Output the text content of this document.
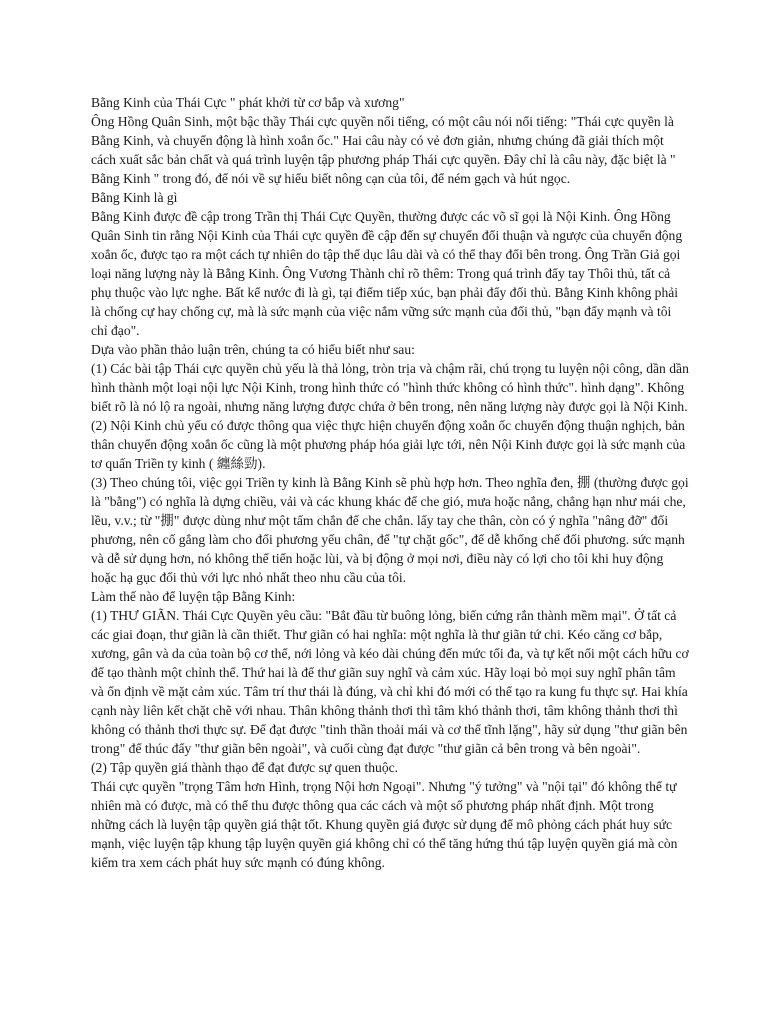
Bằng Kinh của Thái Cực " phát khởi từ cơ bắp và xương"

Ông Hồng Quân Sinh, một bậc thầy Thái cực quyền nổi tiếng, có một câu nói nổi tiếng: "Thái cực quyền là Bằng Kinh, và chuyển động là hình xoắn ốc." Hai câu này có vẻ đơn giản, nhưng chúng đã giải thích một cách xuất sắc bản chất và quá trình luyện tập phương pháp Thái cực quyền. Đây chỉ là câu này, đặc biệt là " Bằng Kinh " trong đó, để nói về sự hiểu biết nông cạn của tôi, để ném gạch và hút ngọc.

Bằng Kinh là gì

Bằng Kinh được đề cập trong Trần thị Thái Cực Quyền, thường được các võ sĩ gọi là Nội Kinh. Ông Hồng Quân Sinh tin rằng Nội Kinh của Thái cực quyền đề cập đến sự chuyển đổi thuận và ngược của chuyển động xoắn ốc, được tạo ra một cách tự nhiên do tập thể dục lâu dài và có thể thay đổi bên trong. Ông Trần Giả gọi loại năng lượng này là Bằng Kinh. Ông Vương Thành chỉ rõ thêm: Trong quá trình đẩy tay Thôi thủ, tất cả phụ thuộc vào lực nghe. Bất kể nước đi là gì, tại điểm tiếp xúc, bạn phải đẩy đối thủ. Bằng Kinh không phải là chống cự hay chống cự, mà là sức mạnh của việc nắm vững sức mạnh của đối thủ, "bạn đẩy mạnh và tôi chỉ đạo".

Dựa vào phần thảo luận trên, chúng ta có hiểu biết như sau:

(1) Các bài tập Thái cực quyền chủ yếu là thả lỏng, tròn trịa và chậm rãi, chú trọng tu luyện nội công, dần dần hình thành một loại nội lực Nội Kinh, trong hình thức có "hình thức không có hình thức". hình dạng". Không biết rõ là nó lộ ra ngoài, nhưng năng lượng được chứa ở bên trong, nên năng lượng này được gọi là Nội Kinh.

(2) Nội Kinh chủ yếu có được thông qua việc thực hiện chuyển động xoắn ốc chuyển động thuận nghịch, bản thân chuyển động xoắn ốc cũng là một phương pháp hóa giải lực tới, nên Nội Kinh được gọi là sức mạnh của tơ quấn Triền ty kinh ( 纏絲勁).

(3) Theo chúng tôi, việc gọi Triền ty kinh là Bằng Kinh sẽ phù hợp hơn. Theo nghĩa đen, 掤 (thường được gọi là "bằng") có nghĩa là dựng chiều, vải và các khung khác để che gió, mưa hoặc nắng, chẳng hạn như mái che, lều, v.v.; từ "掤" được dùng như một tấm chắn để che chắn. lấy tay che thân, còn có ý nghĩa "nâng đỡ" đối phương, nên cố gắng làm cho đối phương yếu chân, để "tự chặt gốc", để dễ khống chế đối phương. sức mạnh và dễ sử dụng hơn, nó không thể tiến hoặc lùi, và bị động ở mọi nơi, điều này có lợi cho tôi khi huy động hoặc hạ gục đối thủ với lực nhỏ nhất theo nhu cầu của tôi.

Làm thế nào để luyện tập Bằng Kinh:

(1) THƯ GIÃN. Thái Cực Quyền yêu cầu: "Bắt đầu từ buông lỏng, biến cứng rắn thành mềm mại". Ở tất cả các giai đoạn, thư giãn là cần thiết. Thư giãn có hai nghĩa: một nghĩa là thư giãn tứ chi. Kéo căng cơ bắp, xương, gân và da của toàn bộ cơ thể, nới lỏng và kéo dài chúng đến mức tối đa, và tự kết nối một cách hữu cơ để tạo thành một chỉnh thể. Thứ hai là để thư giãn suy nghĩ và cảm xúc. Hãy loại bỏ mọi suy nghĩ phân tâm và ổn định về mặt cảm xúc. Tâm trí thư thái là đúng, và chỉ khi đó mới có thể tạo ra kung fu thực sự. Hai khía cạnh này liên kết chặt chẽ với nhau. Thân không thảnh thơi thì tâm khó thảnh thơi, tâm không thảnh thơi thì không có thảnh thơi thực sự. Để đạt được "tinh thần thoải mái và cơ thể tĩnh lặng", hãy sử dụng "thư giãn bên trong" để thúc đẩy "thư giãn bên ngoài", và cuối cùng đạt được "thư giãn cả bên trong và bên ngoài".

(2) Tập quyền giá thành thạo để đạt được sự quen thuộc.

Thái cực quyền "trọng Tâm hơn Hình, trọng Nội hơn Ngoại". Nhưng "ý tưởng" và "nội tại" đó không thể tự nhiên mà có được, mà có thể thu được thông qua các cách và một số phương pháp nhất định. Một trong những cách là luyện tập quyền giá thật tốt. Khung quyền giá được sử dụng để mô phỏng cách phát huy sức mạnh, việc luyện tập khung tập luyện quyền giá không chỉ có thể tăng hứng thú tập luyện quyền giá mà còn kiểm tra xem cách phát huy sức mạnh có đúng không.
